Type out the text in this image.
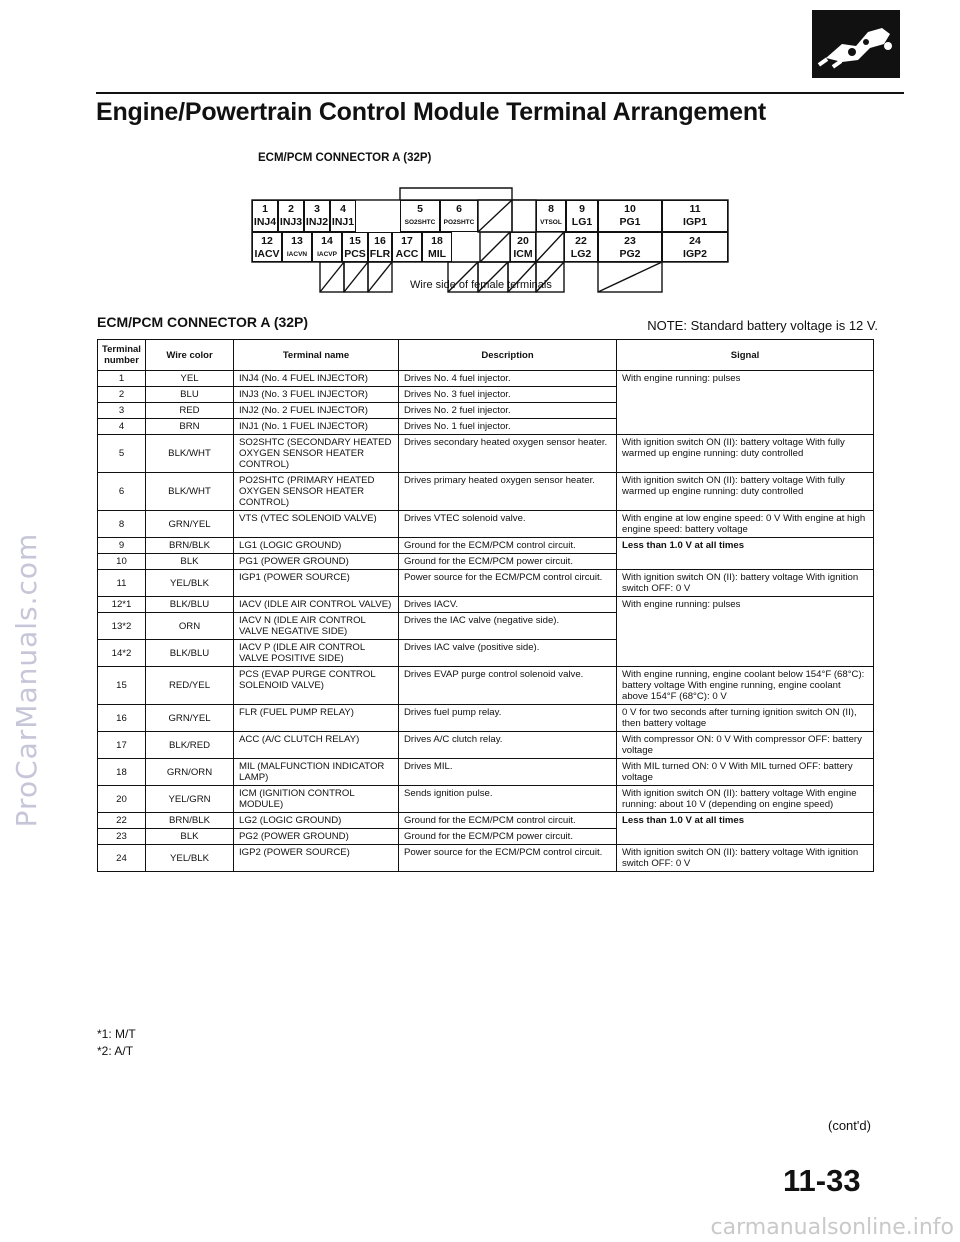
ProCarManuals.com
carmanualsonline.info
Engine/Powertrain Control Module Terminal Arrangement
ECM/PCM CONNECTOR A (32P)
1
INJ4
2
INJ3
3
INJ2
4
INJ1
5
SO2SHTC
6
PO2SHTC
8
VTSOL
9
LG1
10
PG1
11
IGP1
12
IACV
13
IACVN
14
IACVP
15
PCS
16
FLR
17
ACC
18
MIL
20
ICM
22
LG2
23
PG2
24
IGP2
Wire side of female terminals
ECM/PCM CONNECTOR A (32P)	NOTE: Standard battery voltage is 12 V.
Terminal number	Wire color	Terminal name	Description	Signal
1	YEL	INJ4 (No. 4 FUEL INJECTOR)	Drives No. 4 fuel injector.	With engine running: pulses
2	BLU	INJ3 (No. 3 FUEL INJECTOR)	Drives No. 3 fuel injector.	
3	RED	INJ2 (No. 2 FUEL INJECTOR)	Drives No. 2 fuel injector.	
4	BRN	INJ1 (No. 1 FUEL INJECTOR)	Drives No. 1 fuel injector.	
5	BLK/WHT	SO2SHTC (SECONDARY HEATED OXYGEN SENSOR HEATER CONTROL)	Drives secondary heated oxygen sensor heater.	With ignition switch ON (II): battery voltage With fully warmed up engine running: duty controlled
6	BLK/WHT	PO2SHTC (PRIMARY HEATED OXYGEN SENSOR HEATER CONTROL)	Drives primary heated oxygen sensor heater.	With ignition switch ON (II): battery voltage With fully warmed up engine running: duty controlled
8	GRN/YEL	VTS (VTEC SOLENOID VALVE)	Drives VTEC solenoid valve.	With engine at low engine speed: 0 V With engine at high engine speed: battery voltage
9	BRN/BLK	LG1 (LOGIC GROUND)	Ground for the ECM/PCM control circuit.	Less than 1.0 V at all times
10	BLK	PG1 (POWER GROUND)	Ground for the ECM/PCM power circuit.	
11	YEL/BLK	IGP1 (POWER SOURCE)	Power source for the ECM/PCM control circuit.	With ignition switch ON (II): battery voltage With ignition switch OFF: 0 V
12*1	BLK/BLU	IACV (IDLE AIR CONTROL VALVE)	Drives IACV.	With engine running: pulses
13*2	ORN	IACV N (IDLE AIR CONTROL VALVE NEGATIVE SIDE)	Drives the IAC valve (negative side).	
14*2	BLK/BLU	IACV P (IDLE AIR CONTROL VALVE POSITIVE SIDE)	Drives IAC valve (positive side).	
15	RED/YEL	PCS (EVAP PURGE CONTROL SOLENOID VALVE)	Drives EVAP purge control solenoid valve.	With engine running, engine coolant below 154°F (68°C): battery voltage With engine running, engine coolant above 154°F (68°C): 0 V
16	GRN/YEL	FLR (FUEL PUMP RELAY)	Drives fuel pump relay.	0 V for two seconds after turning ignition switch ON (II), then battery voltage
17	BLK/RED	ACC (A/C CLUTCH RELAY)	Drives A/C clutch relay.	With compressor ON: 0 V With compressor OFF: battery voltage
18	GRN/ORN	MIL (MALFUNCTION INDICATOR LAMP)	Drives MIL.	With MIL turned ON: 0 V With MIL turned OFF: battery voltage
20	YEL/GRN	ICM (IGNITION CONTROL MODULE)	Sends ignition pulse.	With ignition switch ON (II): battery voltage With engine running: about 10 V (depending on engine speed)
22	BRN/BLK	LG2 (LOGIC GROUND)	Ground for the ECM/PCM control circuit.	Less than 1.0 V at all times
23	BLK	PG2 (POWER GROUND)	Ground for the ECM/PCM power circuit.	
24	YEL/BLK	IGP2 (POWER SOURCE)	Power source for the ECM/PCM control circuit.	With ignition switch ON (II): battery voltage With ignition switch OFF: 0 V
*1: M/T
*2: A/T
(cont'd)
11-33
